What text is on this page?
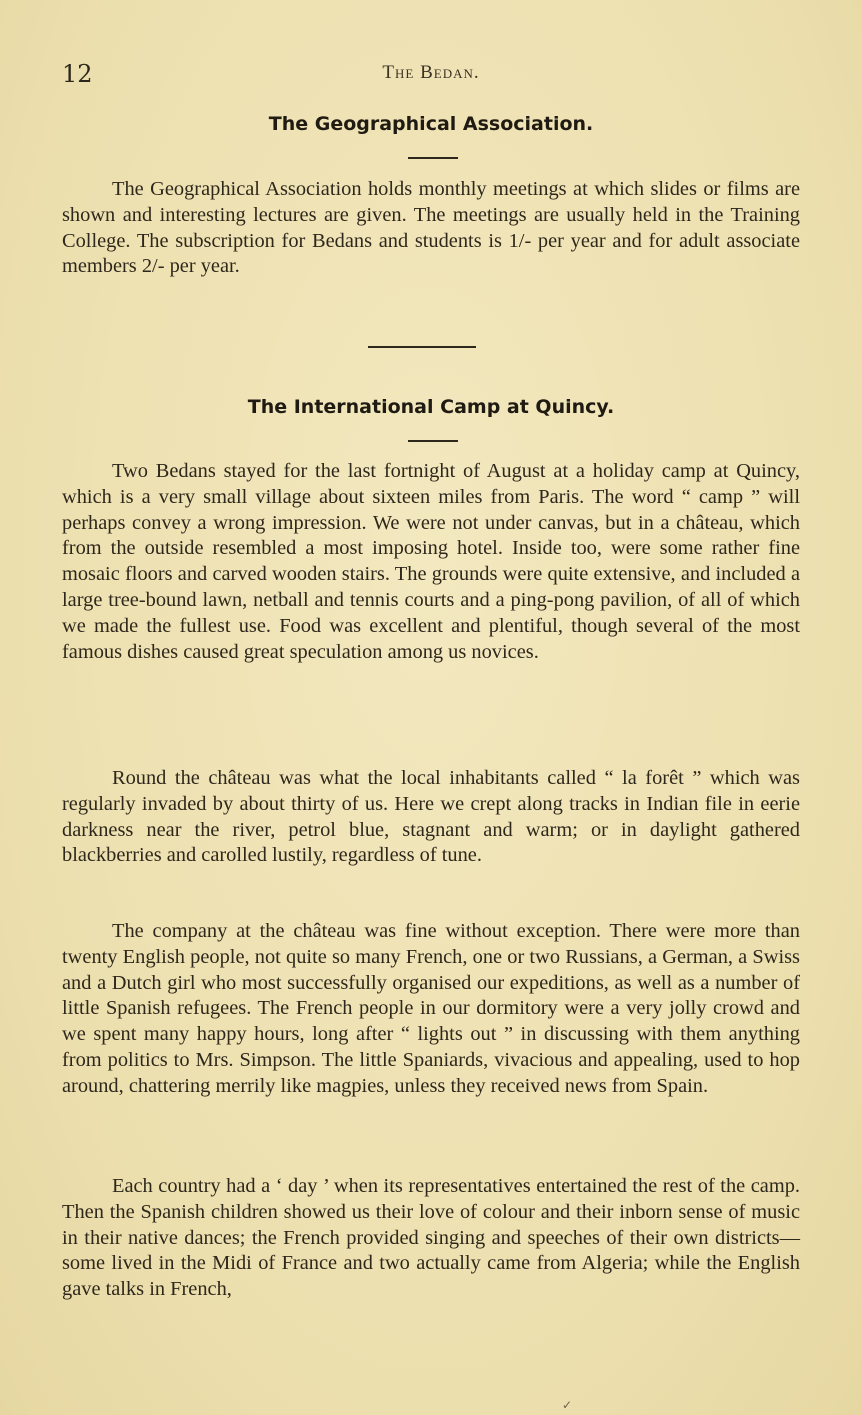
12	The Bedan.

The Geographical Association.

The Geographical Association holds monthly meetings at which slides or films are shown and interesting lectures are given. The meetings are usually held in the Training College. The subscription for Bedans and students is 1/- per year and for adult associate members 2/- per year.

The International Camp at Quincy.

Two Bedans stayed for the last fortnight of August at a holiday camp at Quincy, which is a very small village about sixteen miles from Paris. The word “ camp ” will perhaps convey a wrong impression. We were not under canvas, but in a château, which from the outside resembled a most imposing hotel. Inside too, were some rather fine mosaic floors and carved wooden stairs. The grounds were quite extensive, and included a large tree-bound lawn, netball and tennis courts and a ping-pong pavilion, of all of which we made the fullest use. Food was excellent and plentiful, though several of the most famous dishes caused great speculation among us novices.

Round the château was what the local inhabitants called “ la forêt ” which was regularly invaded by about thirty of us. Here we crept along tracks in Indian file in eerie darkness near the river, petrol blue, stagnant and warm; or in daylight gathered blackberries and carolled lustily, regardless of tune.

The company at the château was fine without exception. There were more than twenty English people, not quite so many French, one or two Russians, a German, a Swiss and a Dutch girl who most successfully organised our expeditions, as well as a number of little Spanish refugees. The French people in our dormitory were a very jolly crowd and we spent many happy hours, long after “ lights out ” in discussing with them anything from politics to Mrs. Simpson. The little Spaniards, vivacious and appealing, used to hop around, chattering merrily like magpies, unless they received news from Spain.

Each country had a ‘ day ’ when its representatives entertained the rest of the camp. Then the Spanish children showed us their love of colour and their inborn sense of music in their native dances; the French provided singing and speeches of their own districts—some lived in the Midi of France and two actually came from Algeria; while the English gave talks in French,

✓
